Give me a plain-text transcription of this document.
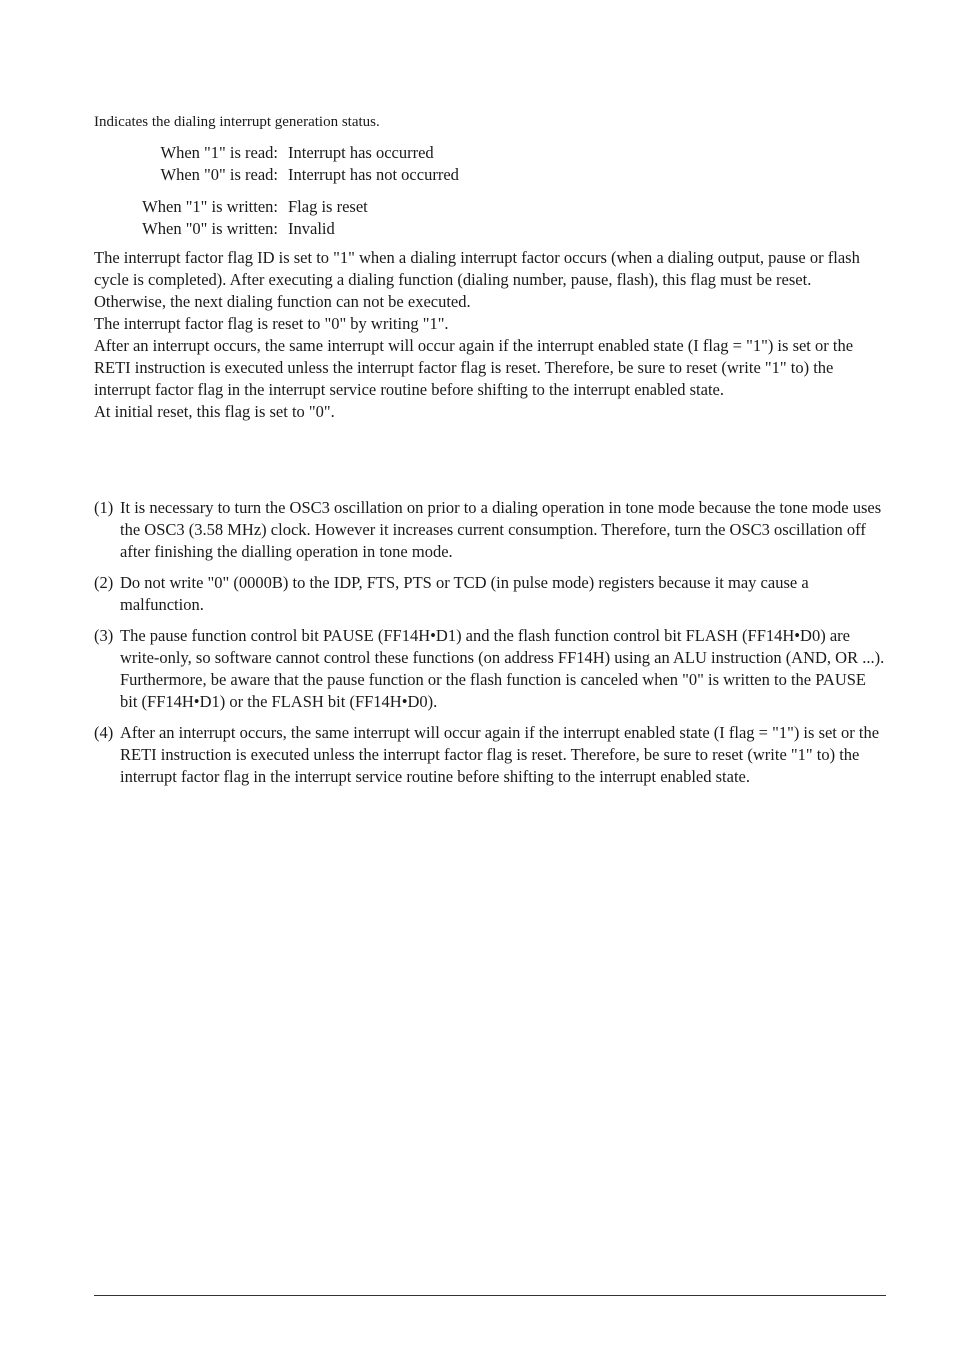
Indicates the dialing interrupt generation status.
When "1" is read: Interrupt has occurred
When "0" is read: Interrupt has not occurred
When "1" is written: Flag is reset
When "0" is written: Invalid

The interrupt factor flag ID is set to "1" when a dialing interrupt factor occurs (when a dialing output, pause or flash cycle is completed). After executing a dialing function (dialing number, pause, flash), this flag must be reset. Otherwise, the next dialing function can not be executed.

The interrupt factor flag is reset to "0" by writing "1".

After an interrupt occurs, the same interrupt will occur again if the interrupt enabled state (I flag = "1") is set or the RETI instruction is executed unless the interrupt factor flag is reset. Therefore, be sure to reset (write "1" to) the interrupt factor flag in the interrupt service routine before shifting to the interrupt enabled state.

At initial reset, this flag is set to "0".

(1) It is necessary to turn the OSC3 oscillation on prior to a dialing operation in tone mode because the tone mode uses the OSC3 (3.58 MHz) clock. However it increases current consumption. Therefore, turn the OSC3 oscillation off after finishing the dialling operation in tone mode.
(2) Do not write "0" (0000B) to the IDP, FTS, PTS or TCD (in pulse mode) registers because it may cause a malfunction.
(3) The pause function control bit PAUSE (FF14H•D1) and the flash function control bit FLASH (FF14H•D0) are write-only, so software cannot control these functions (on address FF14H) using an ALU instruction (AND, OR ...). Furthermore, be aware that the pause function or the flash function is canceled when "0" is written to the PAUSE bit (FF14H•D1) or the FLASH bit (FF14H•D0).
(4) After an interrupt occurs, the same interrupt will occur again if the interrupt enabled state (I flag = "1") is set or the RETI instruction is executed unless the interrupt factor flag is reset. Therefore, be sure to reset (write "1" to) the interrupt factor flag in the interrupt service routine before shifting to the interrupt enabled state.
